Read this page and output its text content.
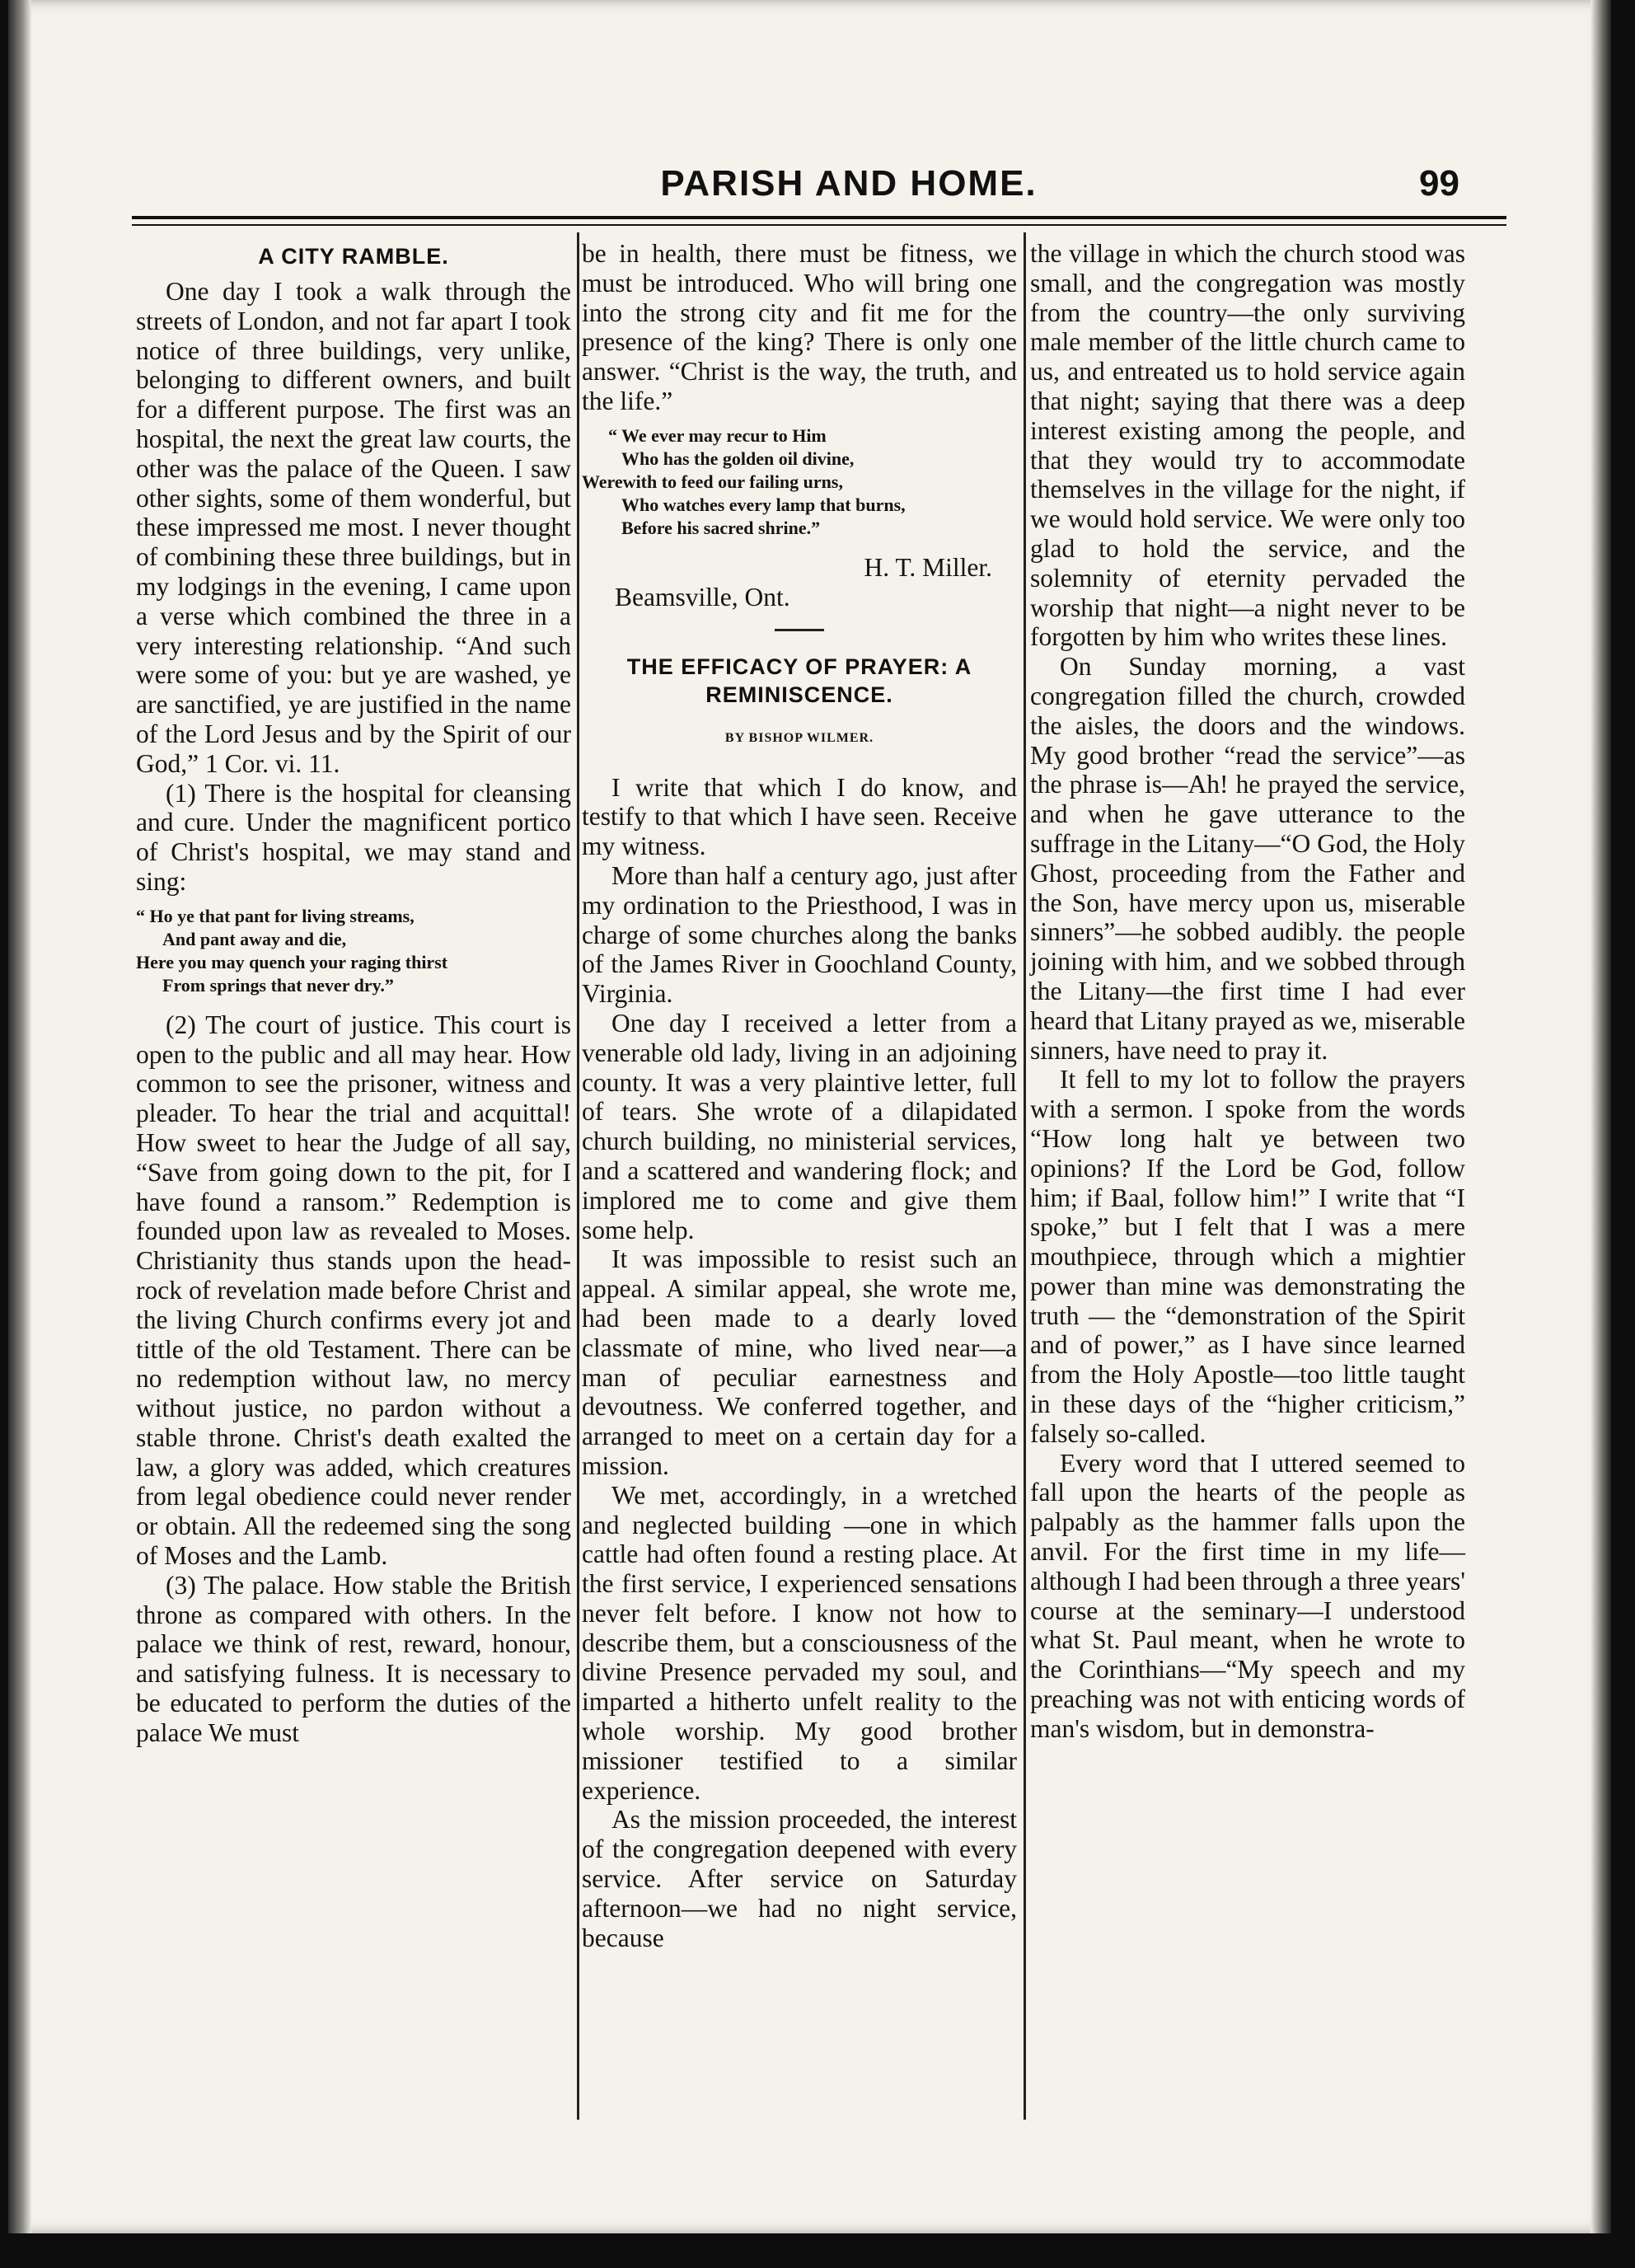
PARISH AND HOME.	99
A CITY RAMBLE.

One day I took a walk through the streets of London, and not far apart I took notice of three buildings, very unlike, belonging to different owners, and built for a different purpose. The first was an hospital, the next the great law courts, the other was the palace of the Queen. I saw other sights, some of them wonderful, but these impressed me most. I never thought of combining these three buildings, but in my lodgings in the evening, I came upon a verse which combined the three in a very interesting relationship. “And such were some of you: but ye are washed, ye are sanctified, ye are justified in the name of the Lord Jesus and by the Spirit of our God,” 1 Cor. vi. 11.

(1) There is the hospital for cleansing and cure. Under the magnificent portico of Christ's hospital, we may stand and sing:

“ Ho ye that pant for living streams,
And pant away and die,
Here you may quench your raging thirst
From springs that never dry.”

(2) The court of justice. This court is open to the public and all may hear. How common to see the prisoner, witness and pleader. To hear the trial and acquittal! How sweet to hear the Judge of all say, “Save from going down to the pit, for I have found a ransom.” Redemption is founded upon law as revealed to Moses. Christianity thus stands upon the head-rock of revelation made before Christ and the living Church confirms every jot and tittle of the old Testament. There can be no redemption without law, no mercy without justice, no pardon without a stable throne. Christ's death exalted the law, a glory was added, which creatures from legal obedience could never render or obtain. All the redeemed sing the song of Moses and the Lamb.

(3) The palace. How stable the British throne as compared with others. In the palace we think of rest, reward, honour, and satisfying fulness. It is necessary to be educated to perform the duties of the palace We must

be in health, there must be fitness, we must be introduced. Who will bring one into the strong city and fit me for the presence of the king? There is only one answer. “Christ is the way, the truth, and the life.”

“ We ever may recur to Him
Who has the golden oil divine,
Werewith to feed our failing urns,
Who watches every lamp that burns,
Before his sacred shrine.”
H. T. Miller.
Beamsville, Ont.
THE EFFICACY OF PRAYER: A REMINISCENCE.
BY BISHOP WILMER.

I write that which I do know, and testify to that which I have seen. Receive my witness.

More than half a century ago, just after my ordination to the Priesthood, I was in charge of some churches along the banks of the James River in Goochland County, Virginia.

One day I received a letter from a venerable old lady, living in an adjoining county. It was a very plaintive letter, full of tears. She wrote of a dilapidated church building, no ministerial services, and a scattered and wandering flock; and implored me to come and give them some help.

It was impossible to resist such an appeal. A similar appeal, she wrote me, had been made to a dearly loved classmate of mine, who lived near—a man of peculiar earnestness and devoutness. We conferred together, and arranged to meet on a certain day for a mission.

We met, accordingly, in a wretched and neglected building —one in which cattle had often found a resting place. At the first service, I experienced sensations never felt before. I know not how to describe them, but a consciousness of the divine Presence pervaded my soul, and imparted a hitherto unfelt reality to the whole worship. My good brother missioner testified to a similar experience.

As the mission proceeded, the interest of the congregation deepened with every service. After service on Saturday afternoon—we had no night service, because

the village in which the church stood was small, and the congregation was mostly from the country—the only surviving male member of the little church came to us, and entreated us to hold service again that night; saying that there was a deep interest existing among the people, and that they would try to accommodate themselves in the village for the night, if we would hold service. We were only too glad to hold the service, and the solemnity of eternity pervaded the worship that night—a night never to be forgotten by him who writes these lines.

On Sunday morning, a vast congregation filled the church, crowded the aisles, the doors and the windows. My good brother “read the service”—as the phrase is—Ah! he prayed the service, and when he gave utterance to the suffrage in the Litany—“O God, the Holy Ghost, proceeding from the Father and the Son, have mercy upon us, miserable sinners”—he sobbed audibly. the people joining with him, and we sobbed through the Litany—the first time I had ever heard that Litany prayed as we, miserable sinners, have need to pray it.

It fell to my lot to follow the prayers with a sermon. I spoke from the words “How long halt ye between two opinions? If the Lord be God, follow him; if Baal, follow him!” I write that “I spoke,” but I felt that I was a mere mouthpiece, through which a mightier power than mine was demonstrating the truth — the “demonstration of the Spirit and of power,” as I have since learned from the Holy Apostle—too little taught in these days of the “higher criticism,” falsely so-called.

Every word that I uttered seemed to fall upon the hearts of the people as palpably as the hammer falls upon the anvil. For the first time in my life—although I had been through a three years' course at the seminary—I understood what St. Paul meant, when he wrote to the Corinthians—“My speech and my preaching was not with enticing words of man's wisdom, but in demonstra-
